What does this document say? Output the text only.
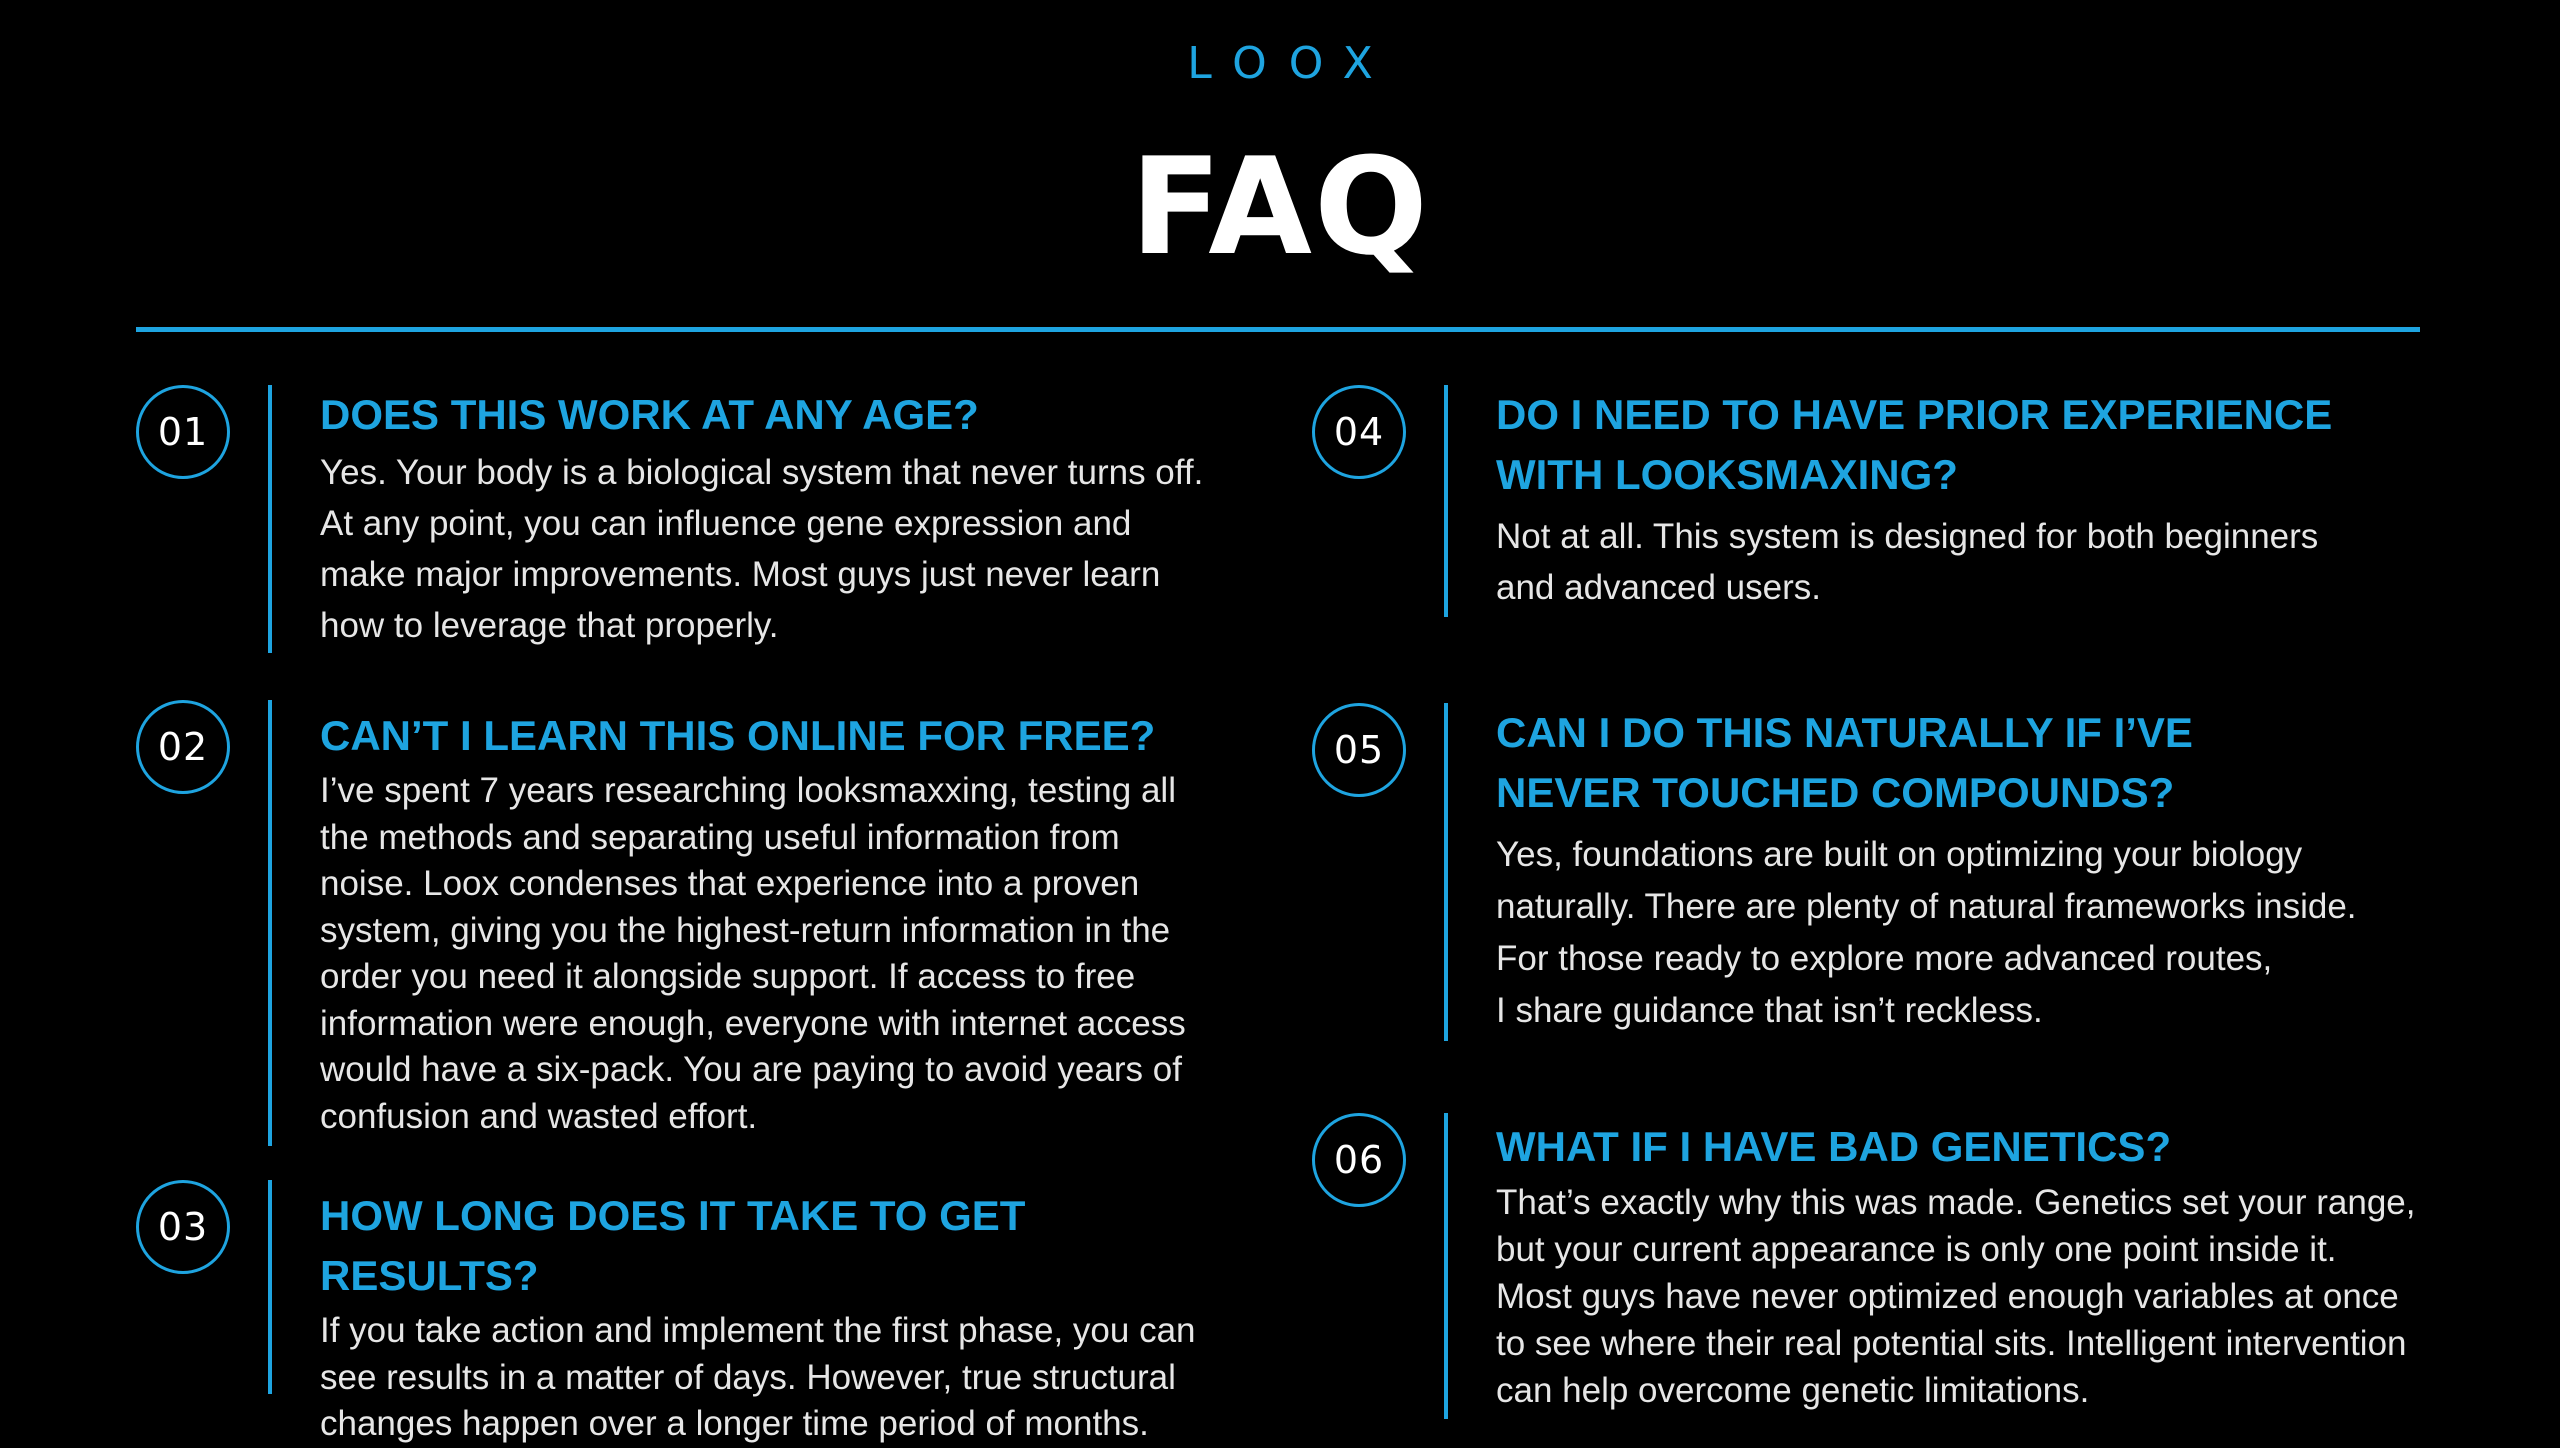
LOOX
FAQ
01	DOES THIS WORK AT ANY AGE?

Yes. Your body is a biological system that never turns off.
At any point, you can influence gene expression and
make major improvements. Most guys just never learn
how to leverage that properly.

02	CAN’T I LEARN THIS ONLINE FOR FREE?

I’ve spent 7 years researching looksmaxxing, testing all
the methods and separating useful information from
noise. Loox condenses that experience into a proven
system, giving you the highest-return information in the
order you need it alongside support. If access to free
information were enough, everyone with internet access
would have a six-pack. You are paying to avoid years of
confusion and wasted effort.

03	HOW LONG DOES IT TAKE TO GET RESULTS?

If you take action and implement the first phase, you can
see results in a matter of days. However, true structural
changes happen over a longer time period of months.

04	DO I NEED TO HAVE PRIOR EXPERIENCE
WITH LOOKSMAXING?

Not at all. This system is designed for both beginners
and advanced users.

05	CAN I DO THIS NATURALLY IF I’VE
NEVER TOUCHED COMPOUNDS?

Yes, foundations are built on optimizing your biology
naturally. There are plenty of natural frameworks inside.
For those ready to explore more advanced routes,
I share guidance that isn’t reckless.

06	WHAT IF I HAVE BAD GENETICS?

That’s exactly why this was made. Genetics set your range,
but your current appearance is only one point inside it.
Most guys have never optimized enough variables at once
to see where their real potential sits. Intelligent intervention
can help overcome genetic limitations.
